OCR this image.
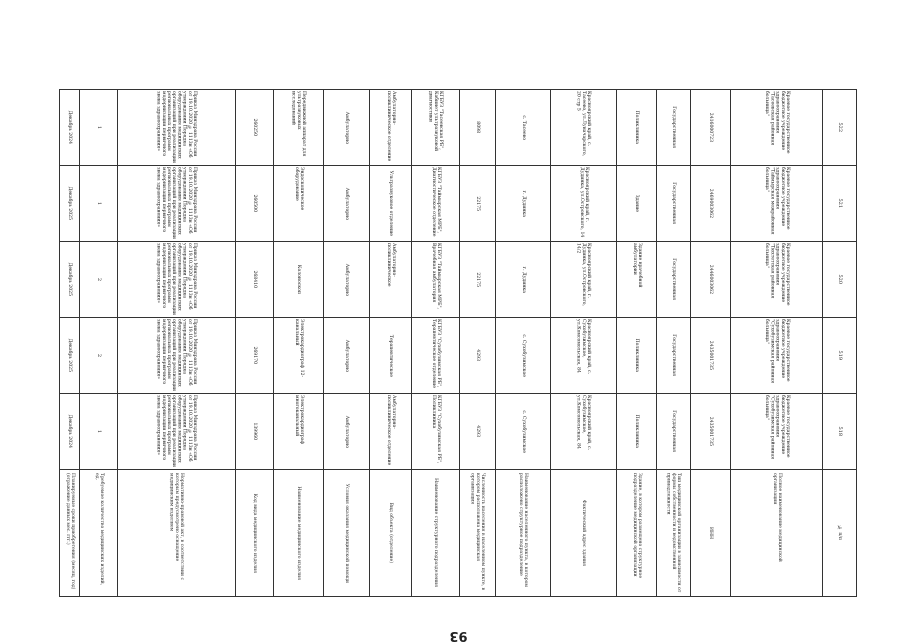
93
№ п/п	Полное наименование медицинской организации	ИНН	Тип медицинской организации в зависимости от формы собственности и ведомственной принадлежности	Здание, в котором размещено структурное подразделение медицинской организации	Фактический адрес здания	Наименование населенного пункта, в котором расположено структурное подразделение	Численность населения в населенном пункте, в котором расположена медицинская организация	Наименование структурного подразделения	Вид объекта (отделение)	Условия оказания медицинской помощи	Наименование медицинского изделия	Код вида медицинского изделия	Нормативно-правовой акт, в соответствии с которым предусмотрено оснащение медицинским изделием	Требуемое количество медицинских изделий, ед.	Планируемые сроки приобретения (месяц, год) (отражение данных мес. ггг.)

518	Краевое государственное бюджетное учреждение здравоохранения "Сухобузимская районная больница"	2435001735	Государственная	Поликлиника	Красноярский край, с. Сухобузимское, ул.Комсомольская, 84	с. Сухобузимское	4293	КГБУЗ "Сухобузимская РБ", Поликлиника	Амбулаторно-поликлиническое отделение	Амбулаторно	Электрокардиограф многоканальный	139960	Приказ Минздрава России от 19.10.2020 № 1113н «Об утверждении Порядка оборудования медицинских организаций при реализации региональных программ модернизации первичного звена здравоохранения»	1	Декабрь 2024

519	Краевое государственное бюджетное учреждение здравоохранения "Сухобузимская районная больница"	2435001735	Государственная	Поликлиника	Красноярский край, с. Сухобузимское, ул.Комсомольская, 84	с. Сухобузимское	4293	КГБУЗ "Сухобузимская РБ", Терапевтическое отделение	Терапевтическое	Амбулаторно	Электрокардиограф 12-канальный	269170	Приказ Минздрава России от 19.10.2020 № 1113н «Об утверждении Порядка оборудования медицинских организаций при реализации региональных программ модернизации первичного звена здравоохранения»	2	Декабрь 2025

520	Краевое государственное бюджетное учреждение здравоохранения "Тюхтетская районная больница"	2446003062	Государственная	Здание врачебной амбулатории	Красноярский край, г. Дудинка, ул.Островского, 14/2	г. Дудинка	22175	КГБУЗ "Таймырская МРБ", Врачебная амбулатория	Амбулаторно-поликлиническое	Амбулаторно	Колоноскоп	268410	Приказ Минздрава России от 19.10.2020 № 1113н «Об утверждении Порядка оборудования медицинских организаций при реализации региональных программ модернизации первичного звена здравоохранения»	2	Декабрь 2025

521	Краевое государственное бюджетное учреждение здравоохранения "Таймырская межрайонная больница"	2469003062	Государственная	Здание	Красноярский край, г. Дудинка, ул.Островского, 14	г. Дудинка	22175	КГБУЗ "Таймырская МРБ", Диагностическое отделение	Ультразвуковое отделение	Амбулаторно	Эндоскопическое оборудование	260500	Приказ Минздрава России от 19.10.2020 № 1113н «Об утверждении Порядка оборудования медицинских организаций при реализации региональных программ модернизации первичного звена здравоохранения»	1	Декабрь 2025

522	Краевое государственное бюджетное учреждение здравоохранения "Тасеевская районная больница"	2416000723	Государственная	Поликлиника	Красноярский край, с. Тасеево, ул.Луначарского, 20 стр 5	с. Тасеево	8098	КГБУЗ "Тасеевская РБ", Кабинет ультразвуковой диагностики	Амбулаторно-поликлиническое отделение	Амбулаторно	Передвижной аппарат для ультразвуковых исследований	260250	Приказ Минздрава России от 19.10.2020 № 1113н «Об утверждении Порядка оборудования медицинских организаций при реализации региональных программ модернизации первичного звена здравоохранения»	1	Декабрь 2024
